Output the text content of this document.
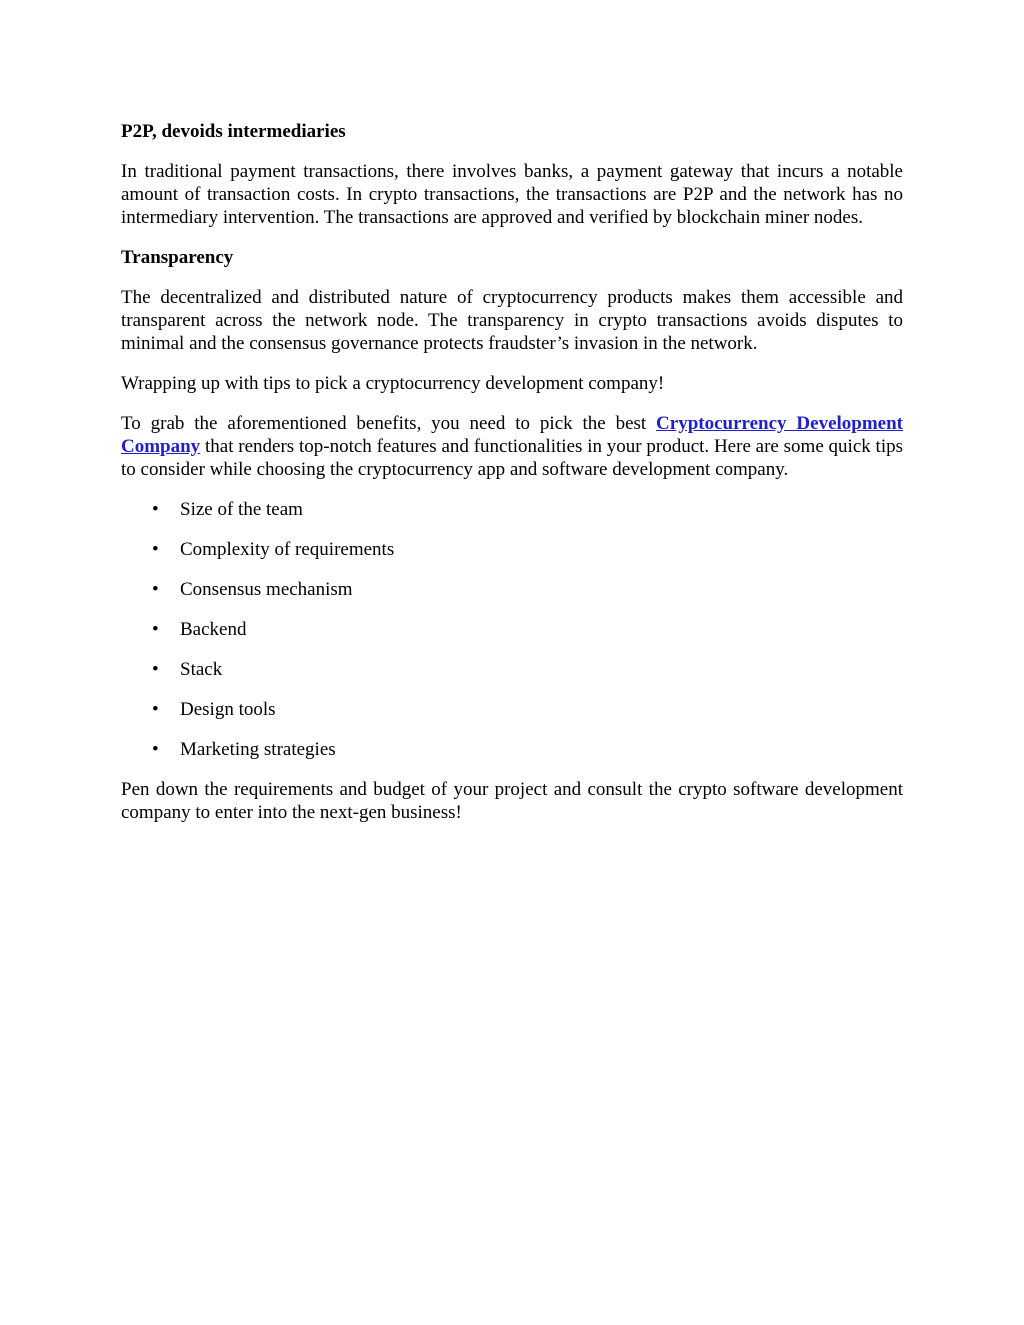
P2P, devoids intermediaries

In traditional payment transactions, there involves banks, a payment gateway that incurs a notable amount of transaction costs. In crypto transactions, the transactions are P2P and the network has no intermediary intervention. The transactions are approved and verified by blockchain miner nodes.

Transparency

The decentralized and distributed nature of cryptocurrency products makes them accessible and transparent across the network node. The transparency in crypto transactions avoids disputes to minimal and the consensus governance protects fraudster’s invasion in the network.

Wrapping up with tips to pick a cryptocurrency development company!

To grab the aforementioned benefits, you need to pick the best Cryptocurrency Development Company that renders top-notch features and functionalities in your product. Here are some quick tips to consider while choosing the cryptocurrency app and software development company.

• Size of the team
• Complexity of requirements
• Consensus mechanism
• Backend
• Stack
• Design tools
• Marketing strategies

Pen down the requirements and budget of your project and consult the crypto software development company to enter into the next-gen business!
